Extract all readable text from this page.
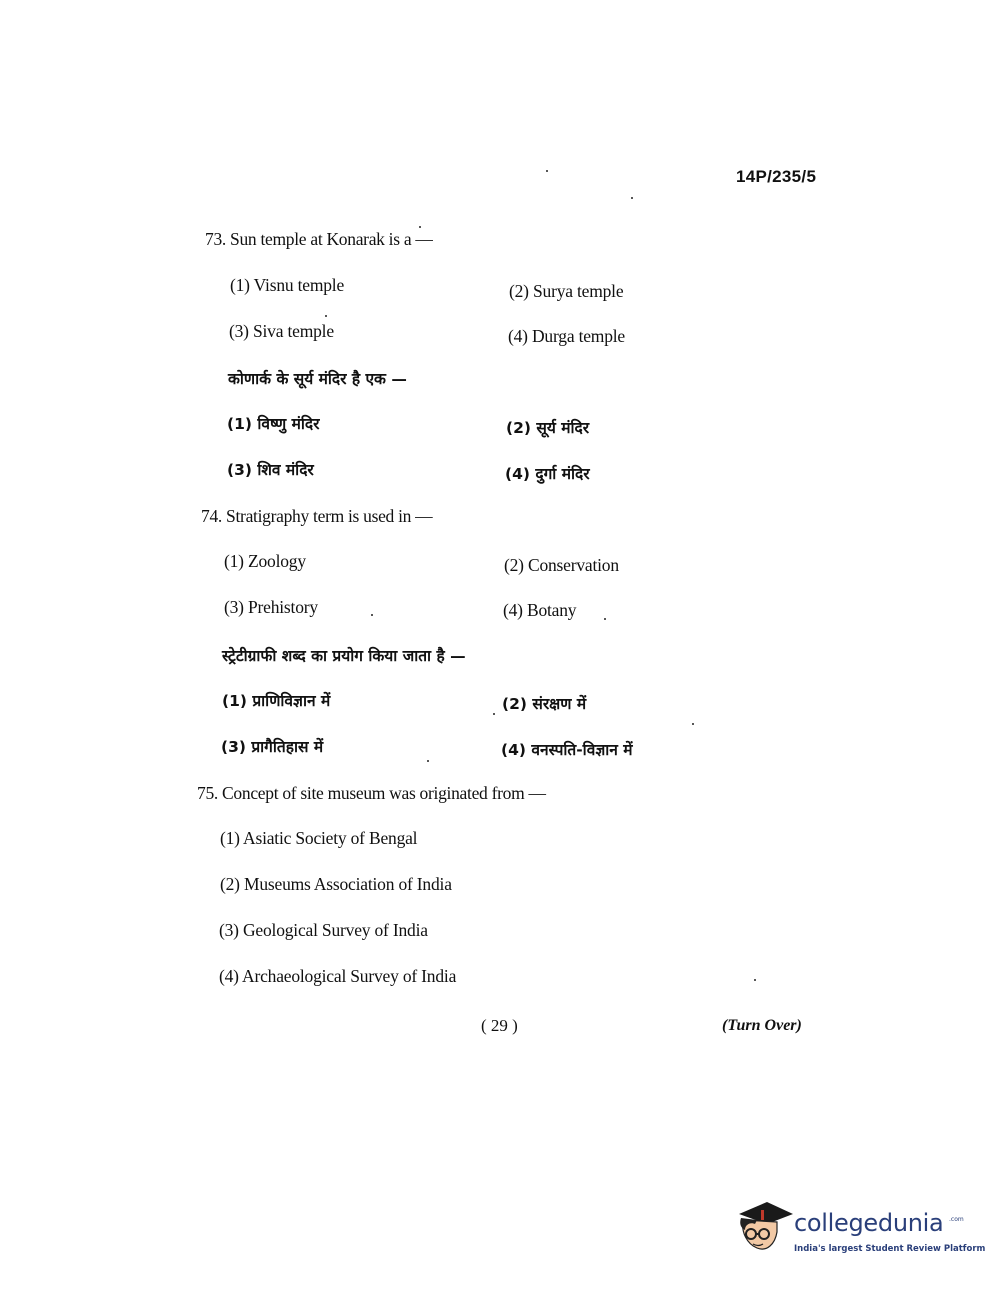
14P/235/5
73. Sun temple at Konarak is a —
(1) Visnu temple	(2) Surya temple
(3) Siva temple	(4) Durga temple
कोणार्क के सूर्य मंदिर है एक —
(1) विष्णु मंदिर	(2) सूर्य मंदिर
(3) शिव मंदिर	(4) दुर्गा मंदिर
74. Stratigraphy term is used in —
(1) Zoology	(2) Conservation
(3) Prehistory	(4) Botany
स्ट्रेटीग्राफी शब्द का प्रयोग किया जाता है —
(1) प्राणिविज्ञान में	(2) संरक्षण में
(3) प्रागैतिहास में	(4) वनस्पति-विज्ञान में
75. Concept of site museum was originated from —
(1) Asiatic Society of Bengal
(2) Museums Association of India
(3) Geological Survey of India
(4) Archaeological Survey of India
( 29 )	(Turn Over)
collegedunia .com
India's largest Student Review Platform
